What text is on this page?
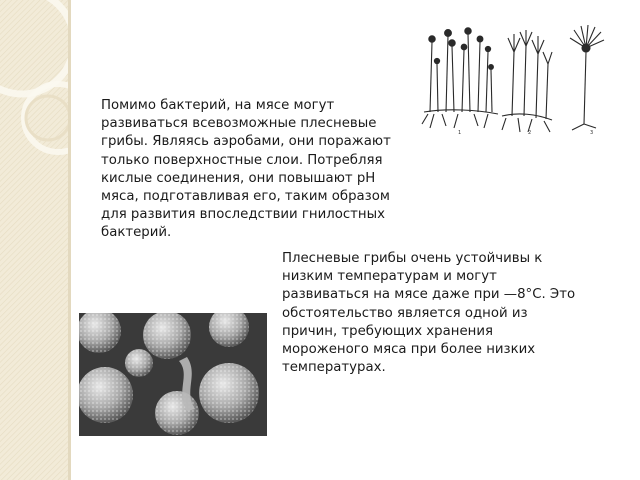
Помимо бактерий, на мясе могут развиваться всевозможные плесневые грибы. Являясь аэробами, они поражают только поверхностные слои. Потребляя кислые соединения, они повышают рН мяса, подготавливая его, таким образом для развития впоследствии гнилостных бактерий.

Плесневые грибы очень устойчивы к низким температурам и могут развиваться на мясе даже при —8°С. Это обстоятельство является одной из причин, требующих хранения мороженого мяса при более низких температурах.

1	2	3
